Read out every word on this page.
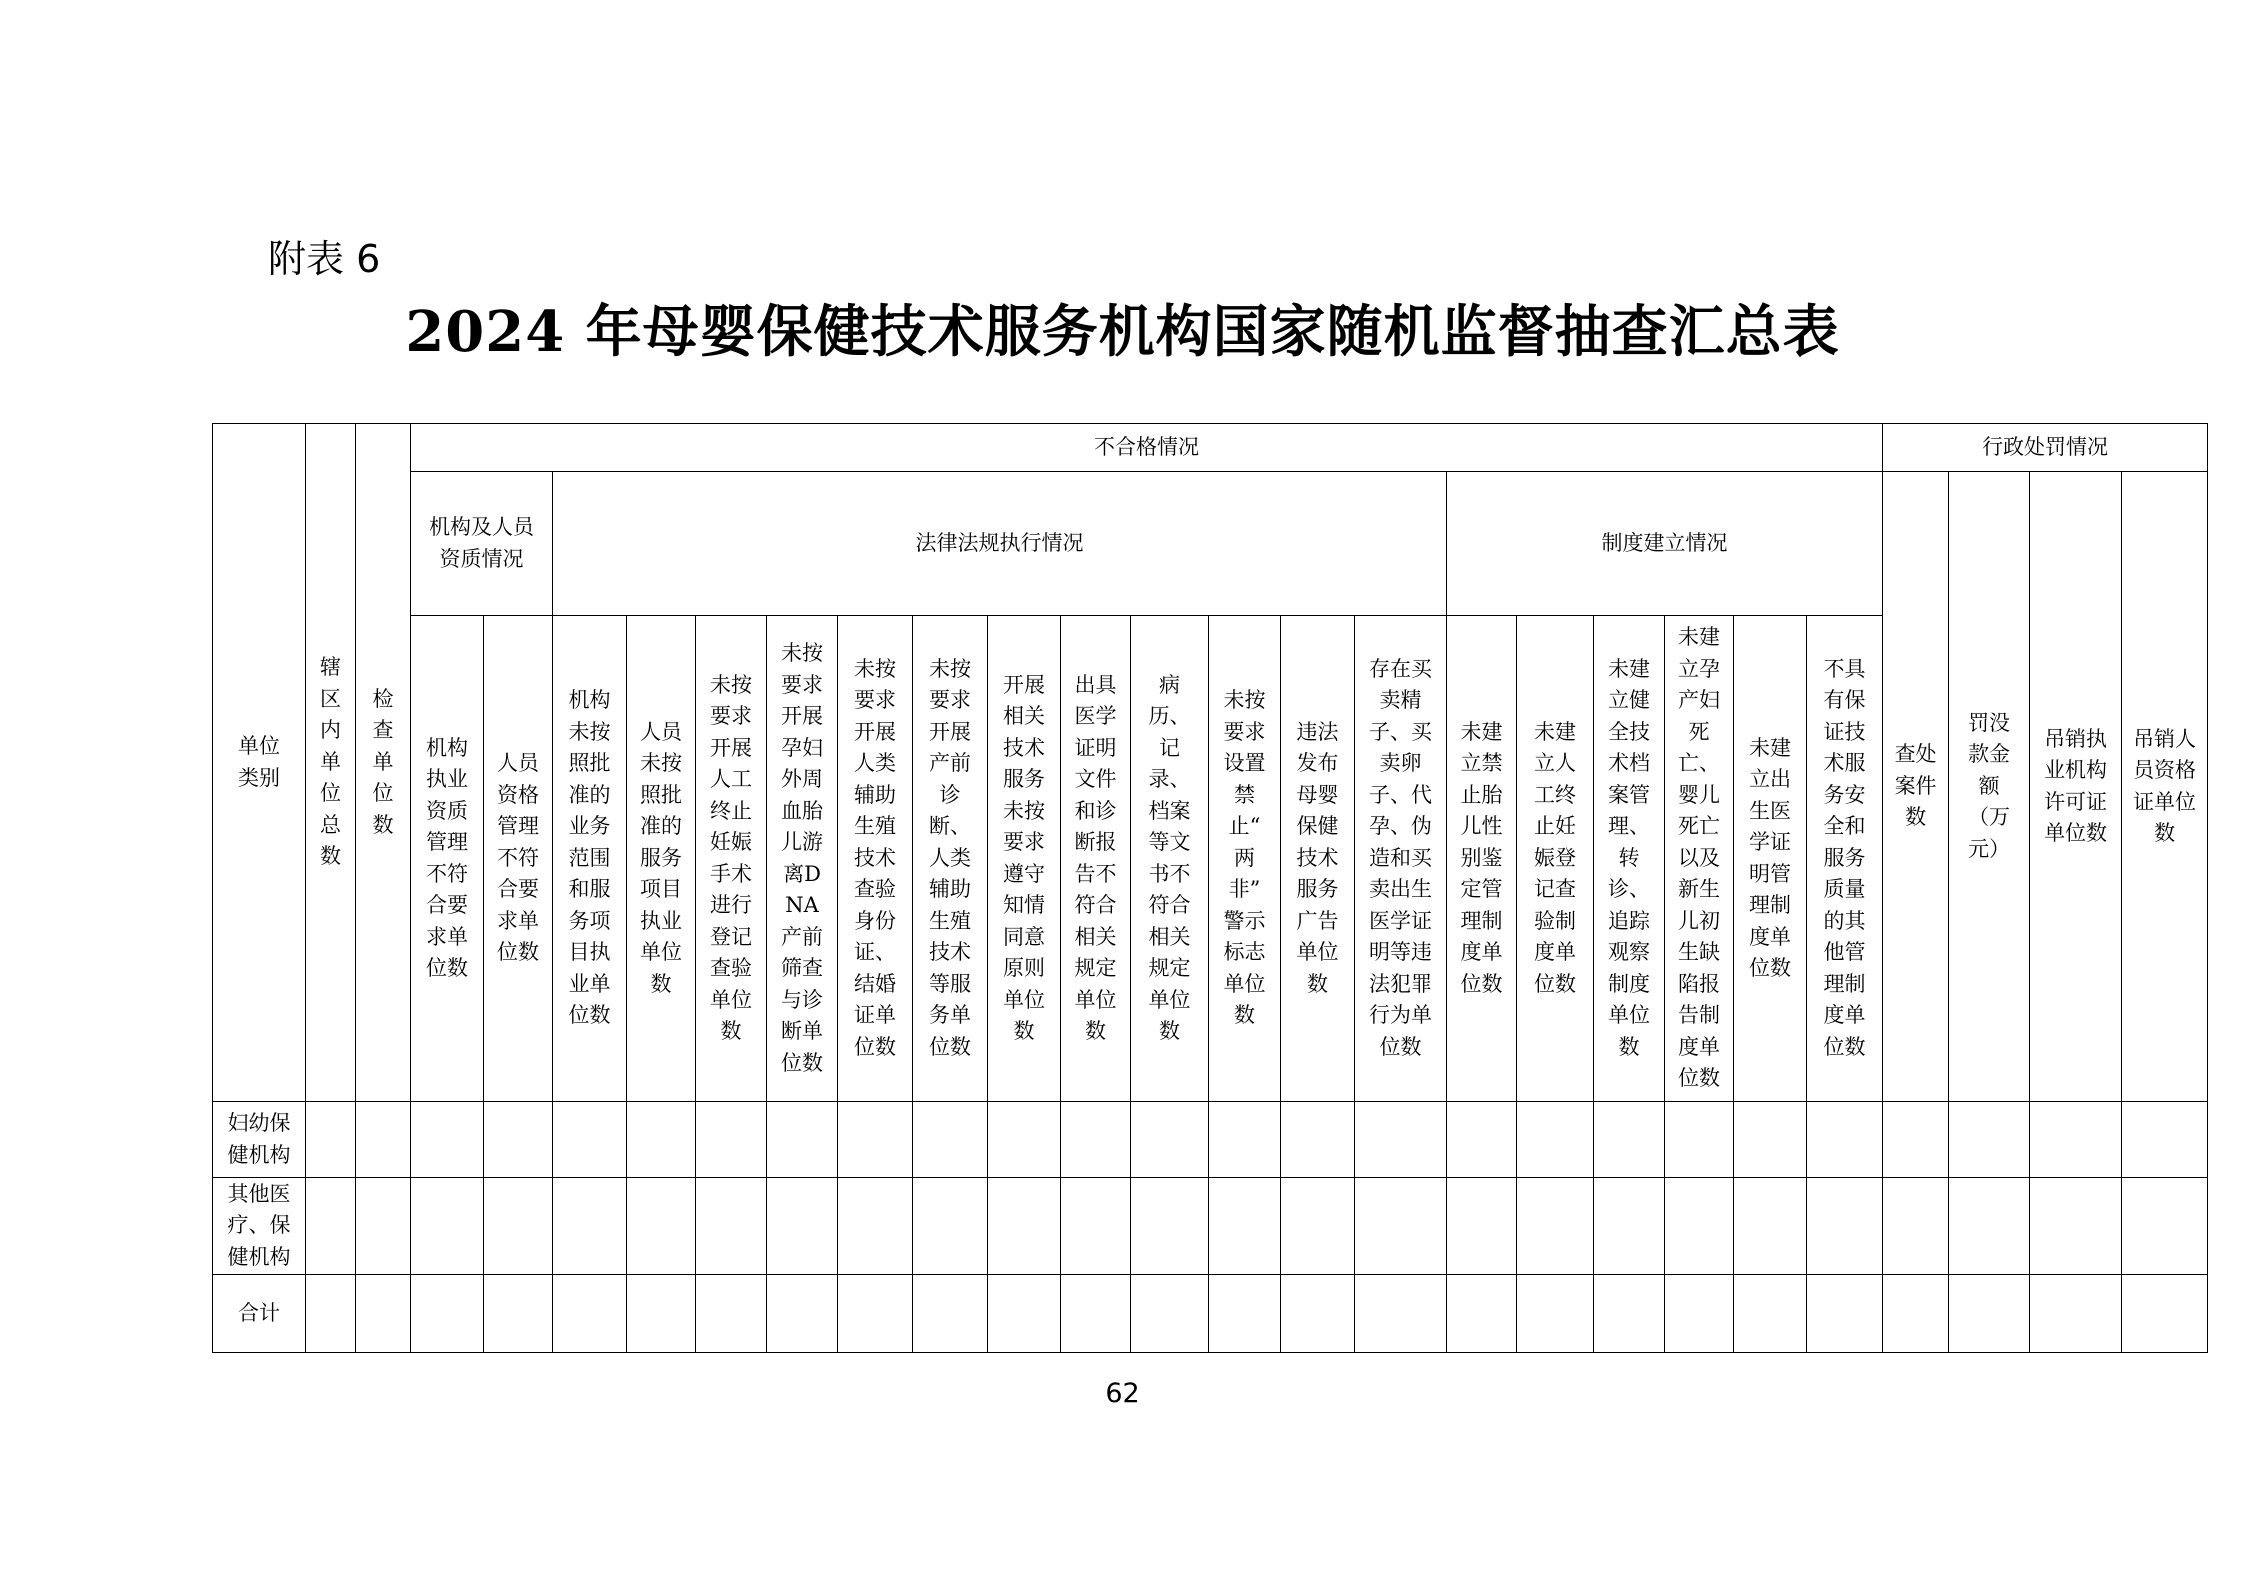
附表 6
2024 年母婴保健技术服务机构国家随机监督抽查汇总表
单位类别	辖区内单位总数	检查单位数	不合格情况																				行政处罚情况			
			机构及人员资质情况		法律法规执行情况												制度建立情况						查处案件数	罚没款金额（万元）	吊销执业机构许可证单位数	吊销人员资格证单位数
			机构执业资质管理不符合要求单位数	人员资格管理不符合要求单位数	机构未按照批准的业务范围和服务项目执业单位数	人员未按照批准的服务项目执业单位数	未按要求开展人工终止妊娠手术进行登记查验单位数	未按要求开展孕妇外周血胎儿游离DNA产前筛查与诊断单位数	未按要求开展人类辅助生殖技术查验身份证、结婚证单位数	未按要求开展产前诊断、人类辅助生殖技术等服务单位数	开展相关技术服务未按要求遵守知情同意原则单位数	出具医学证明文件和诊断报告不符合相关规定单位数	病历、记录、档案等文书不符合相关规定单位数	未按要求设置禁止“两非”警示标志单位数	违法发布母婴保健技术服务广告单位数	存在买卖精子、买卖卵子、代孕、伪造和买卖出生医学证明等违法犯罪行为单位数	未建立禁止胎儿性别鉴定管理制度单位数	未建立人工终止妊娠登记查验制度单位数	未建立健全技术档案管理、转诊、追踪观察制度单位数	未建立孕产妇死亡、婴儿死亡以及新生儿初生缺陷报告制度单位数	未建立出生医学证明管理制度单位数	不具有保证技术服务安全和服务质量的其他管理制度单位数				
妇幼保健机构																										
其他医疗、保健机构																										
合计																										
62
